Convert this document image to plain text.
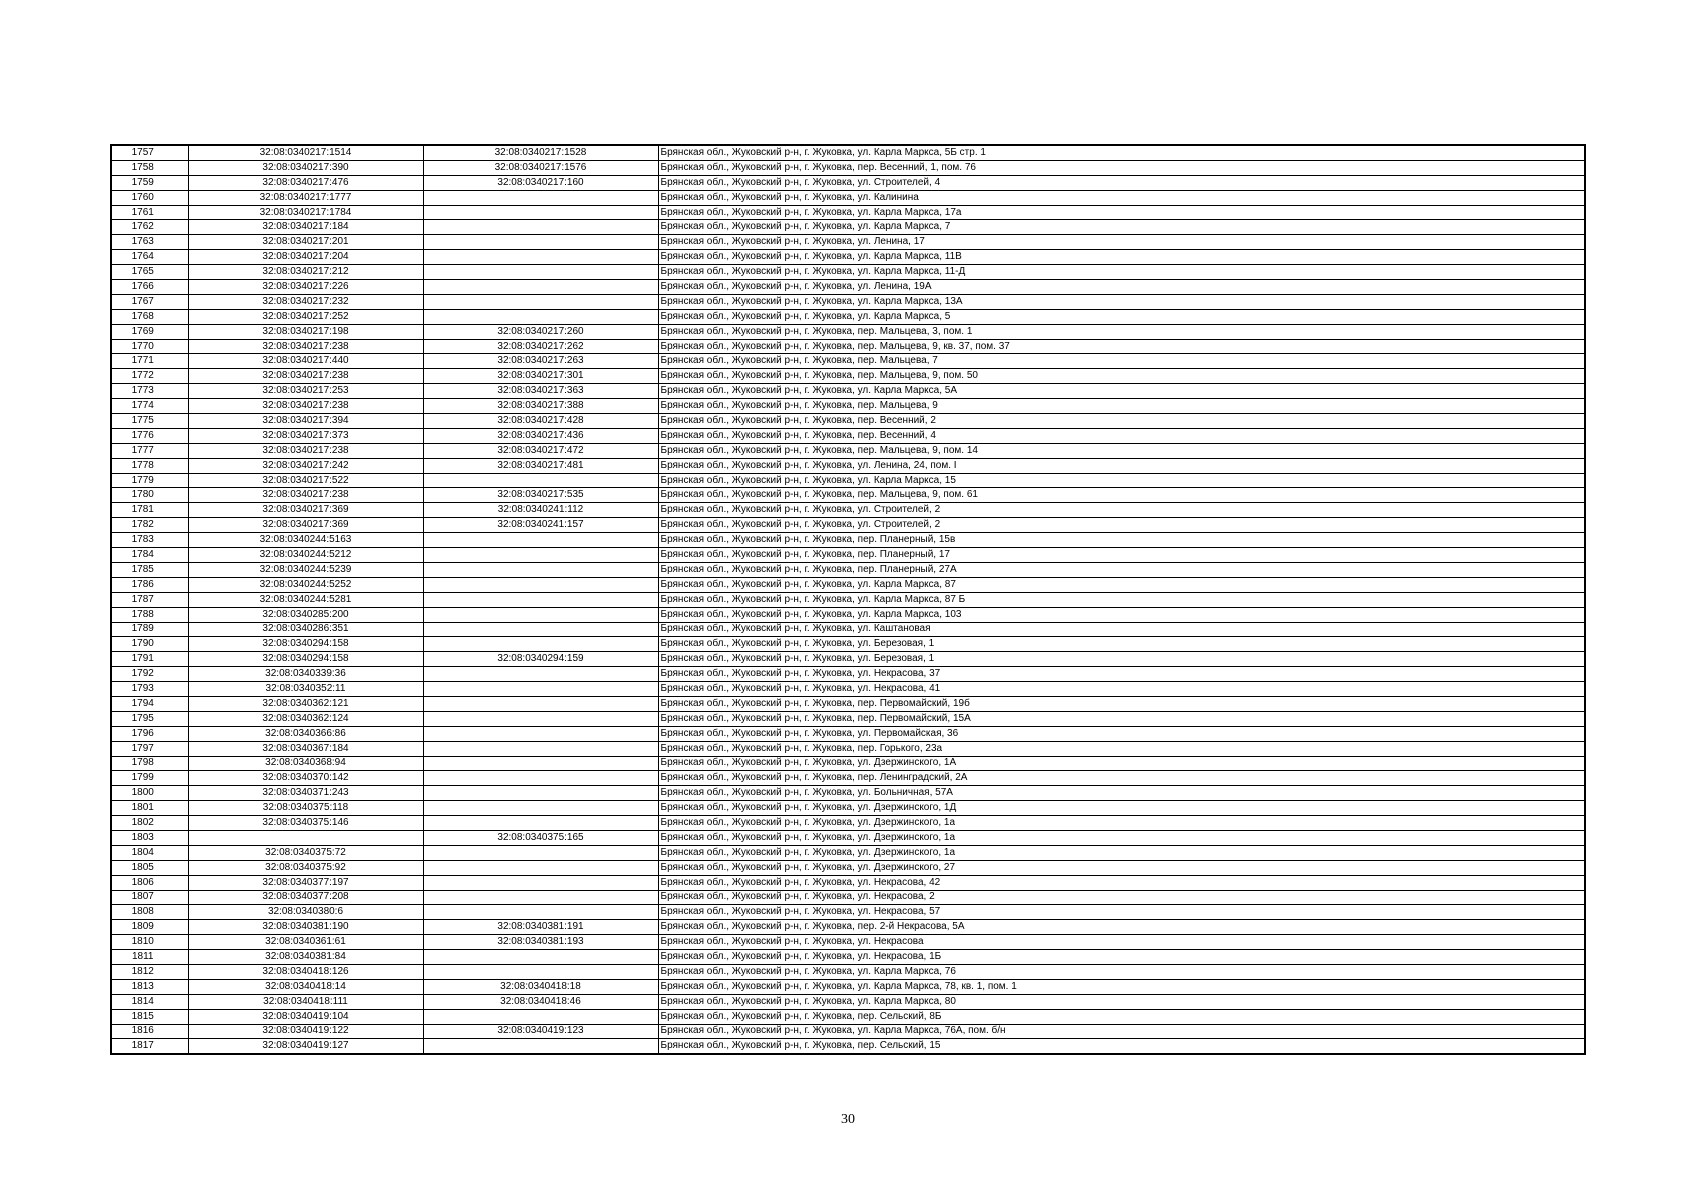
1757	32:08:0340217:1514	32:08:0340217:1528	Брянская обл., Жуковский р-н, г. Жуковка, ул. Карла Маркса, 5Б стр. 1
1758	32:08:0340217:390	32:08:0340217:1576	Брянская обл., Жуковский р-н, г. Жуковка, пер. Весенний, 1, пом. 76
1759	32:08:0340217:476	32:08:0340217:160	Брянская обл., Жуковский р-н, г. Жуковка, ул. Строителей, 4
1760	32:08:0340217:1777		Брянская обл., Жуковский р-н, г. Жуковка, ул. Калинина
1761	32:08:0340217:1784		Брянская обл., Жуковский р-н, г. Жуковка, ул. Карла Маркса, 17а
1762	32:08:0340217:184		Брянская обл., Жуковский р-н, г. Жуковка, ул. Карла Маркса, 7
1763	32:08:0340217:201		Брянская обл., Жуковский р-н, г. Жуковка, ул. Ленина, 17
1764	32:08:0340217:204		Брянская обл., Жуковский р-н, г. Жуковка, ул. Карла Маркса, 11В
1765	32:08:0340217:212		Брянская обл., Жуковский р-н, г. Жуковка, ул. Карла Маркса, 11-Д
1766	32:08:0340217:226		Брянская обл., Жуковский р-н, г. Жуковка, ул. Ленина, 19А
1767	32:08:0340217:232		Брянская обл., Жуковский р-н, г. Жуковка, ул. Карла Маркса, 13А
1768	32:08:0340217:252		Брянская обл., Жуковский р-н, г. Жуковка, ул. Карла Маркса, 5
1769	32:08:0340217:198	32:08:0340217:260	Брянская обл., Жуковский р-н, г. Жуковка, пер. Мальцева, 3, пом. 1
1770	32:08:0340217:238	32:08:0340217:262	Брянская обл., Жуковский р-н, г. Жуковка, пер. Мальцева, 9, кв. 37, пом. 37
1771	32:08:0340217:440	32:08:0340217:263	Брянская обл., Жуковский р-н, г. Жуковка, пер. Мальцева, 7
1772	32:08:0340217:238	32:08:0340217:301	Брянская обл., Жуковский р-н, г. Жуковка, пер. Мальцева, 9, пом. 50
1773	32:08:0340217:253	32:08:0340217:363	Брянская обл., Жуковский р-н, г. Жуковка, ул. Карла Маркса, 5А
1774	32:08:0340217:238	32:08:0340217:388	Брянская обл., Жуковский р-н, г. Жуковка, пер. Мальцева, 9
1775	32:08:0340217:394	32:08:0340217:428	Брянская обл., Жуковский р-н, г. Жуковка, пер. Весенний, 2
1776	32:08:0340217:373	32:08:0340217:436	Брянская обл., Жуковский р-н, г. Жуковка, пер. Весенний, 4
1777	32:08:0340217:238	32:08:0340217:472	Брянская обл., Жуковский р-н, г. Жуковка, пер. Мальцева, 9, пом. 14
1778	32:08:0340217:242	32:08:0340217:481	Брянская обл., Жуковский р-н, г. Жуковка, ул. Ленина, 24, пом. I
1779	32:08:0340217:522		Брянская обл., Жуковский р-н, г. Жуковка, ул. Карла Маркса, 15
1780	32:08:0340217:238	32:08:0340217:535	Брянская обл., Жуковский р-н, г. Жуковка, пер. Мальцева, 9, пом. 61
1781	32:08:0340217:369	32:08:0340241:112	Брянская обл., Жуковский р-н, г. Жуковка, ул. Строителей, 2
1782	32:08:0340217:369	32:08:0340241:157	Брянская обл., Жуковский р-н, г. Жуковка, ул. Строителей, 2
1783	32:08:0340244:5163		Брянская обл., Жуковский р-н, г. Жуковка, пер. Планерный, 15в
1784	32:08:0340244:5212		Брянская обл., Жуковский р-н, г. Жуковка, пер. Планерный, 17
1785	32:08:0340244:5239		Брянская обл., Жуковский р-н, г. Жуковка, пер. Планерный, 27А
1786	32:08:0340244:5252		Брянская обл., Жуковский р-н, г. Жуковка, ул. Карла Маркса, 87
1787	32:08:0340244:5281		Брянская обл., Жуковский р-н, г. Жуковка, ул. Карла Маркса, 87 Б
1788	32:08:0340285:200		Брянская обл., Жуковский р-н, г. Жуковка, ул. Карла Маркса, 103
1789	32:08:0340286:351		Брянская обл., Жуковский р-н, г. Жуковка, ул. Каштановая
1790	32:08:0340294:158		Брянская обл., Жуковский р-н, г. Жуковка, ул. Березовая, 1
1791	32:08:0340294:158	32:08:0340294:159	Брянская обл., Жуковский р-н, г. Жуковка, ул. Березовая, 1
1792	32:08:0340339:36		Брянская обл., Жуковский р-н, г. Жуковка, ул. Некрасова, 37
1793	32:08:0340352:11		Брянская обл., Жуковский р-н, г. Жуковка, ул. Некрасова, 41
1794	32:08:0340362:121		Брянская обл., Жуковский р-н, г. Жуковка, пер. Первомайский, 19б
1795	32:08:0340362:124		Брянская обл., Жуковский р-н, г. Жуковка, пер. Первомайский, 15А
1796	32:08:0340366:86		Брянская обл., Жуковский р-н, г. Жуковка, ул. Первомайская, 36
1797	32:08:0340367:184		Брянская обл., Жуковский р-н, г. Жуковка, пер. Горького, 23а
1798	32:08:0340368:94		Брянская обл., Жуковский р-н, г. Жуковка, ул. Дзержинского, 1А
1799	32:08:0340370:142		Брянская обл., Жуковский р-н, г. Жуковка, пер. Ленинградский, 2А
1800	32:08:0340371:243		Брянская обл., Жуковский р-н, г. Жуковка, ул. Больничная, 57А
1801	32:08:0340375:118		Брянская обл., Жуковский р-н, г. Жуковка, ул. Дзержинского, 1Д
1802	32:08:0340375:146		Брянская обл., Жуковский р-н, г. Жуковка, ул. Дзержинского, 1а
1803		32:08:0340375:165	Брянская обл., Жуковский р-н, г. Жуковка, ул. Дзержинского, 1а
1804	32:08:0340375:72		Брянская обл., Жуковский р-н, г. Жуковка, ул. Дзержинского, 1а
1805	32:08:0340375:92		Брянская обл., Жуковский р-н, г. Жуковка, ул. Дзержинского, 27
1806	32:08:0340377:197		Брянская обл., Жуковский р-н, г. Жуковка, ул. Некрасова, 42
1807	32:08:0340377:208		Брянская обл., Жуковский р-н, г. Жуковка, ул. Некрасова, 2
1808	32:08:0340380:6		Брянская обл., Жуковский р-н, г. Жуковка, ул. Некрасова, 57
1809	32:08:0340381:190	32:08:0340381:191	Брянская обл., Жуковский р-н, г. Жуковка, пер. 2-й Некрасова, 5А
1810	32:08:0340361:61	32:08:0340381:193	Брянская обл., Жуковский р-н, г. Жуковка, ул. Некрасова
1811	32:08:0340381:84		Брянская обл., Жуковский р-н, г. Жуковка, ул. Некрасова, 1Б
1812	32:08:0340418:126		Брянская обл., Жуковский р-н, г. Жуковка, ул. Карла Маркса, 76
1813	32:08:0340418:14	32:08:0340418:18	Брянская обл., Жуковский р-н, г. Жуковка, ул. Карла Маркса, 78, кв. 1, пом. 1
1814	32:08:0340418:111	32:08:0340418:46	Брянская обл., Жуковский р-н, г. Жуковка, ул. Карла Маркса, 80
1815	32:08:0340419:104		Брянская обл., Жуковский р-н, г. Жуковка, пер. Сельский, 8Б
1816	32:08:0340419:122	32:08:0340419:123	Брянская обл., Жуковский р-н, г. Жуковка, ул. Карла Маркса, 76А, пом. б/н
1817	32:08:0340419:127		Брянская обл., Жуковский р-н, г. Жуковка, пер. Сельский, 15
30
